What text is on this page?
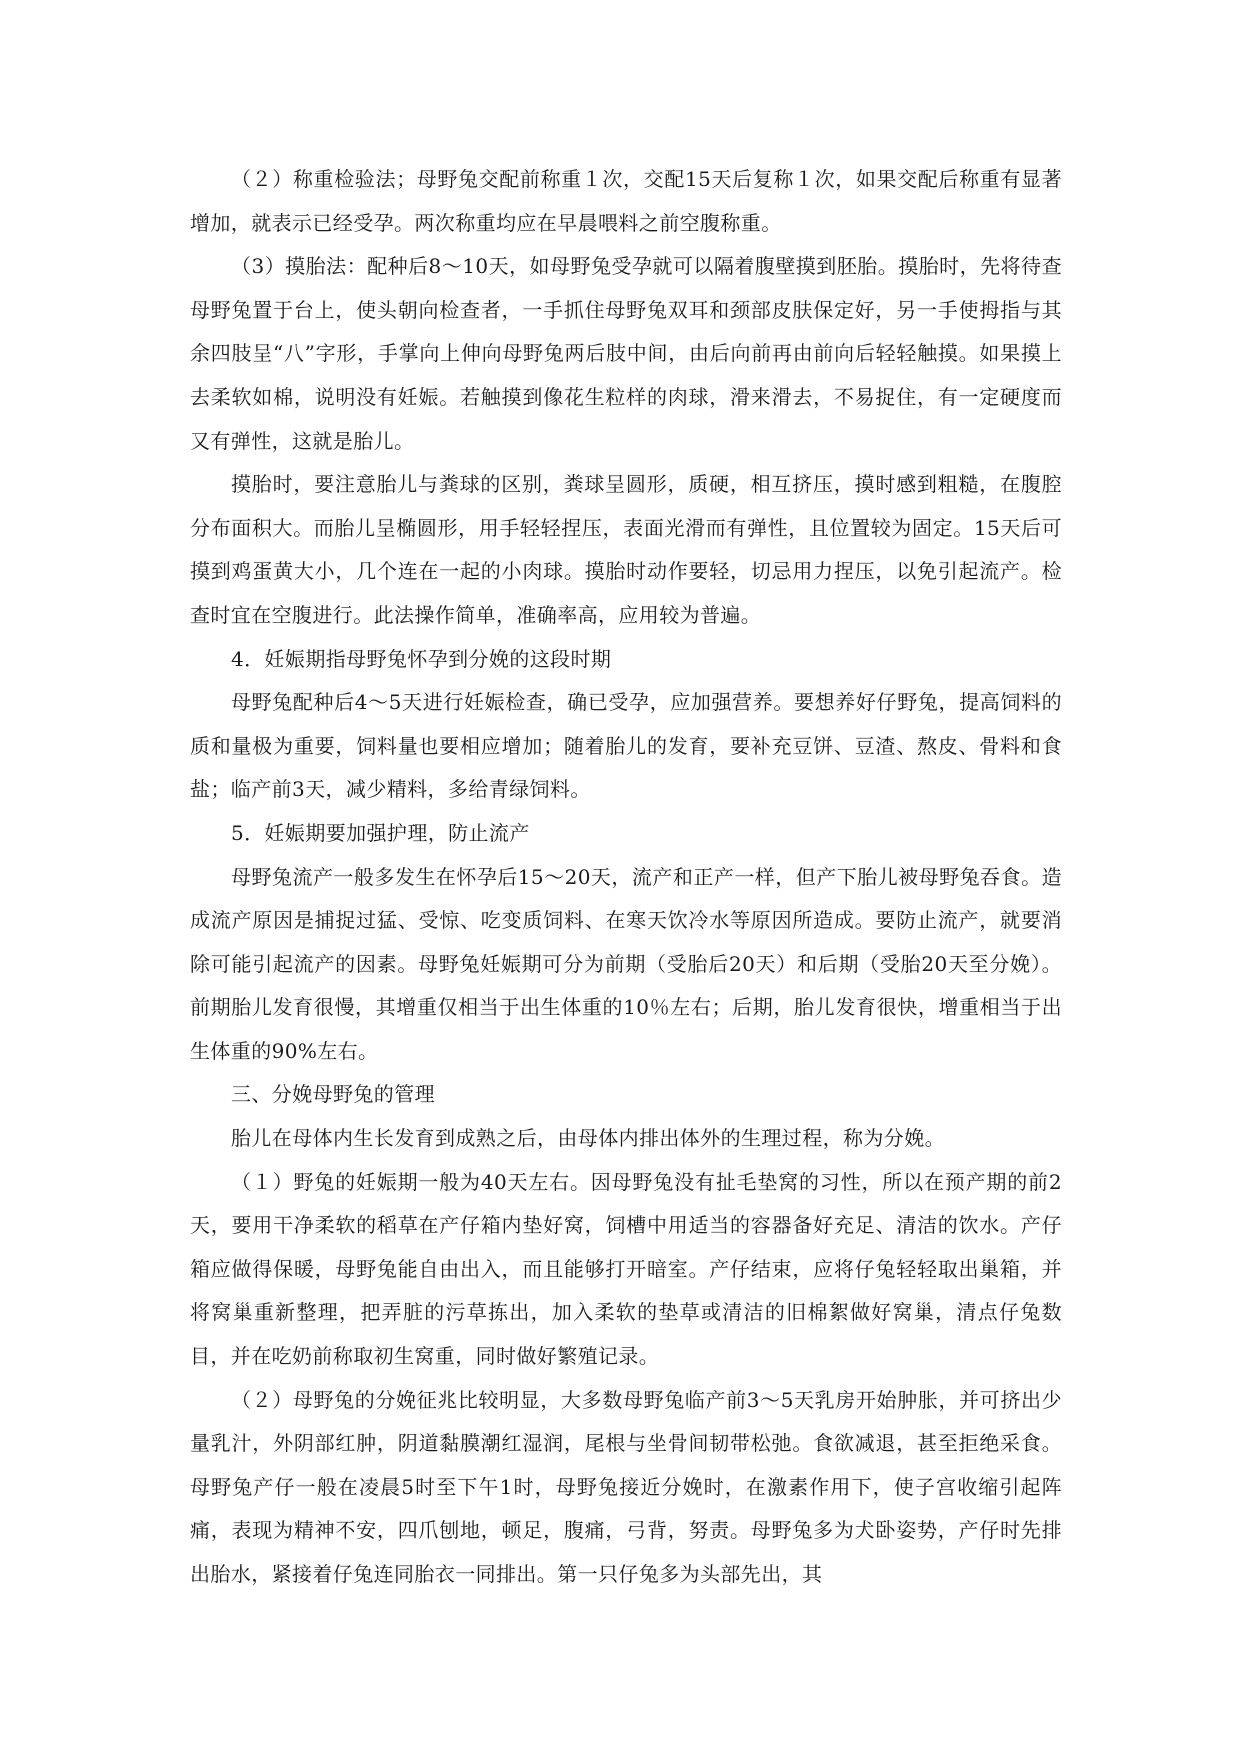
（２）称重检验法；母野兔交配前称重１次，交配15天后复称１次，如果交配后称重有显著增加，就表示已经受孕。两次称重均应在早晨喂料之前空腹称重。

（3）摸胎法：配种后8～10天，如母野兔受孕就可以隔着腹壁摸到胚胎。摸胎时，先将待查母野兔置于台上，使头朝向检查者，一手抓住母野兔双耳和颈部皮肤保定好，另一手使拇指与其余四肢呈“八”字形，手掌向上伸向母野兔两后肢中间，由后向前再由前向后轻轻触摸。如果摸上去柔软如棉，说明没有妊娠。若触摸到像花生粒样的肉球，滑来滑去，不易捉住，有一定硬度而又有弹性，这就是胎儿。

摸胎时，要注意胎儿与粪球的区别，粪球呈圆形，质硬，相互挤压，摸时感到粗糙，在腹腔分布面积大。而胎儿呈椭圆形，用手轻轻捏压，表面光滑而有弹性，且位置较为固定。15天后可摸到鸡蛋黄大小，几个连在一起的小肉球。摸胎时动作要轻，切忌用力捏压，以免引起流产。检查时宜在空腹进行。此法操作简单，准确率高，应用较为普遍。

4．妊娠期指母野兔怀孕到分娩的这段时期

母野兔配种后4～5天进行妊娠检查，确已受孕，应加强营养。要想养好仔野兔，提高饲料的质和量极为重要，饲料量也要相应增加；随着胎儿的发育，要补充豆饼、豆渣、熬皮、骨料和食盐；临产前3天，减少精料，多给青绿饲料。

5．妊娠期要加强护理，防止流产

母野兔流产一般多发生在怀孕后15～20天，流产和正产一样，但产下胎儿被母野兔吞食。造成流产原因是捕捉过猛、受惊、吃变质饲料、在寒天饮冷水等原因所造成。要防止流产，就要消除可能引起流产的因素。母野兔妊娠期可分为前期（受胎后20天）和后期（受胎20天至分娩）。前期胎儿发育很慢，其增重仅相当于出生体重的10％左右；后期，胎儿发育很快，增重相当于出生体重的90%左右。

三、分娩母野兔的管理

胎儿在母体内生长发育到成熟之后，由母体内排出体外的生理过程，称为分娩。

（１）野兔的妊娠期一般为40天左右。因母野兔没有扯毛垫窝的习性，所以在预产期的前2天，要用干净柔软的稻草在产仔箱内垫好窝，饲槽中用适当的容器备好充足、清洁的饮水。产仔箱应做得保暖，母野兔能自由出入，而且能够打开暗室。产仔结束，应将仔兔轻轻取出巢箱，并将窝巢重新整理，把弄脏的污草拣出，加入柔软的垫草或清洁的旧棉絮做好窝巢，清点仔兔数目，并在吃奶前称取初生窝重，同时做好繁殖记录。

（２）母野兔的分娩征兆比较明显，大多数母野兔临产前3～5天乳房开始肿胀，并可挤出少量乳汁，外阴部红肿，阴道黏膜潮红湿润，尾根与坐骨间韧带松弛。食欲减退，甚至拒绝采食。母野兔产仔一般在凌晨5时至下午1时，母野兔接近分娩时，在激素作用下，使子宫收缩引起阵痛，表现为精神不安，四爪刨地，顿足，腹痛，弓背，努责。母野兔多为犬卧姿势，产仔时先排出胎水，紧接着仔兔连同胎衣一同排出。第一只仔兔多为头部先出，其
